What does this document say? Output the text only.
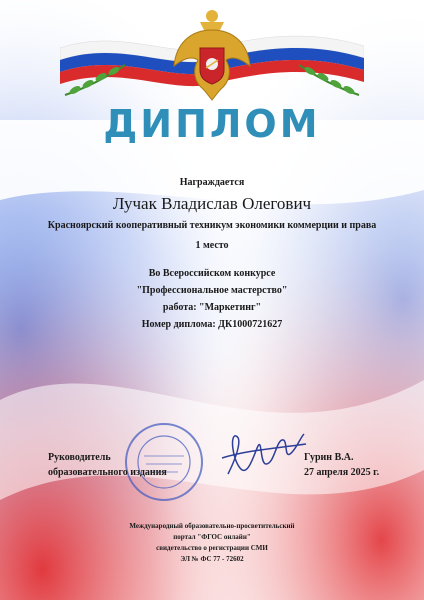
ДИПЛОМ
Награждается
Лучак Владислав Олегович
Красноярский кооперативный техникум экономики коммерции и права
1 место
Во Всероссийском конкурсе
"Профессиональное мастерство"
работа: "Маркетинг"
Номер диплома: ДК1000721627
Руководитель
образовательного издания
Гурин В.А.
27 апреля 2025 г.
Международный образовательно-просветительский
портал "ФГОС онлайн"
свидетельство о регистрации СМИ
ЭЛ № ФС 77 - 72602
